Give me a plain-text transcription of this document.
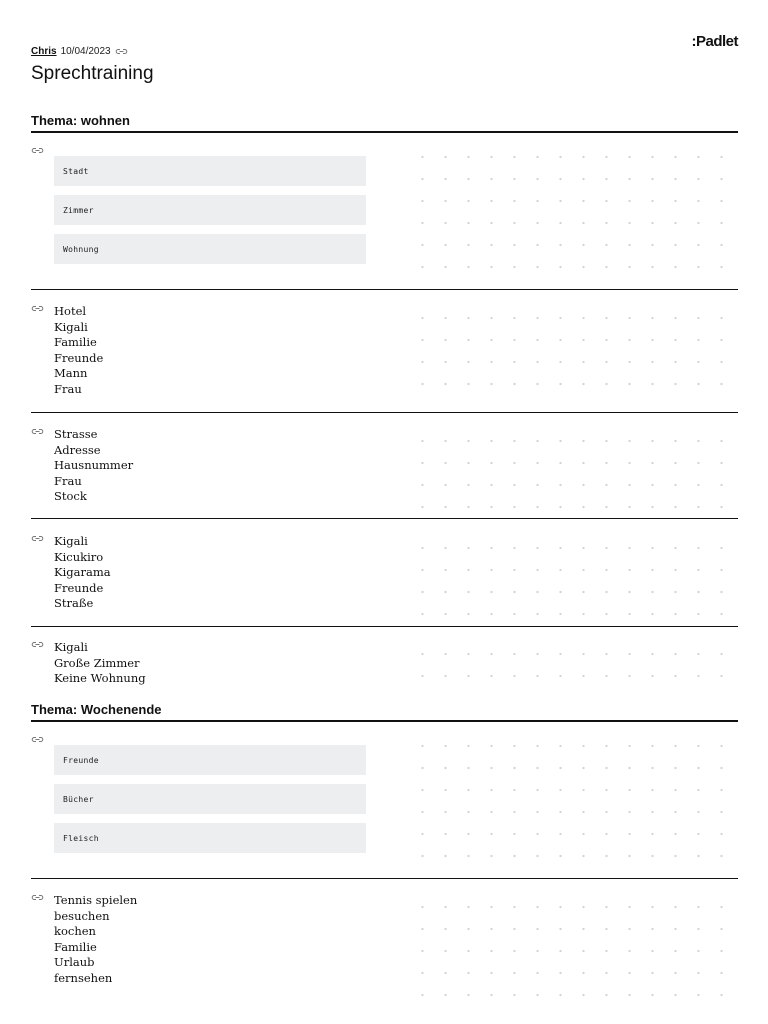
:Padlet
Chris 10/04/2023
Sprechtraining
Thema: wohnen
Stadt
Zimmer
Wohnung
Hotel
Kigali
Familie
Freunde
Mann
Frau
Strasse
Adresse
Hausnummer
Frau
Stock
Kigali
Kicukiro
Kigarama
Freunde
Straße
Kigali
Große Zimmer
Keine Wohnung
Thema: Wochenende
Freunde
Bücher
Fleisch
Tennis spielen
besuchen
kochen
Familie
Urlaub
fernsehen
